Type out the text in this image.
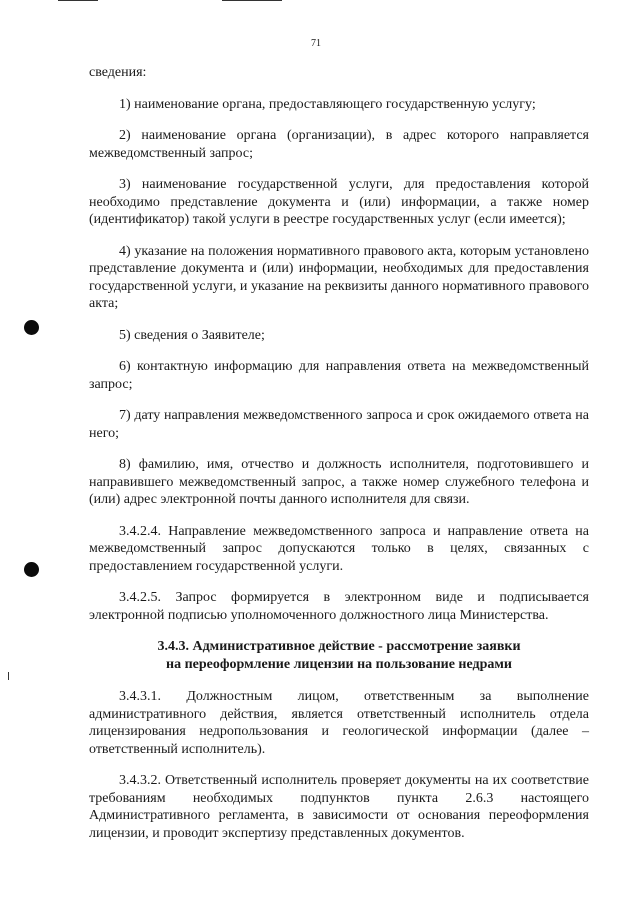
71

сведения:

1) наименование органа, предоставляющего государственную услугу;

2) наименование органа (организации), в адрес которого направляется межведомственный запрос;

3) наименование государственной услуги, для предоставления которой необходимо представление документа и (или) информации, а также номер (идентификатор) такой услуги в реестре государственных услуг (если имеется);

4) указание на положения нормативного правового акта, которым установлено представление документа и (или) информации, необходимых для предоставления государственной услуги, и указание на реквизиты данного нормативного правового акта;

5) сведения о Заявителе;

6) контактную информацию для направления ответа на межведомственный запрос;

7) дату направления межведомственного запроса и срок ожидаемого ответа на него;

8) фамилию, имя, отчество и должность исполнителя, подготовившего и направившего межведомственный запрос, а также номер служебного телефона и (или) адрес электронной почты данного исполнителя для связи.

3.4.2.4. Направление межведомственного запроса и направление ответа на межведомственный запрос допускаются только в целях, связанных с предоставлением государственной услуги.

3.4.2.5. Запрос формируется в электронном виде и подписывается электронной подписью уполномоченного должностного лица Министерства.

3.4.3. Административное действие - рассмотрение заявки
на переоформление лицензии на пользование недрами

3.4.3.1. Должностным лицом, ответственным за выполнение административного действия, является ответственный исполнитель отдела лицензирования недропользования и геологической информации (далее – ответственный исполнитель).

3.4.3.2. Ответственный исполнитель проверяет документы на их соответствие требованиям необходимых подпунктов пункта 2.6.3 настоящего Административного регламента, в зависимости от основания переоформления лицензии, и проводит экспертизу представленных документов.
